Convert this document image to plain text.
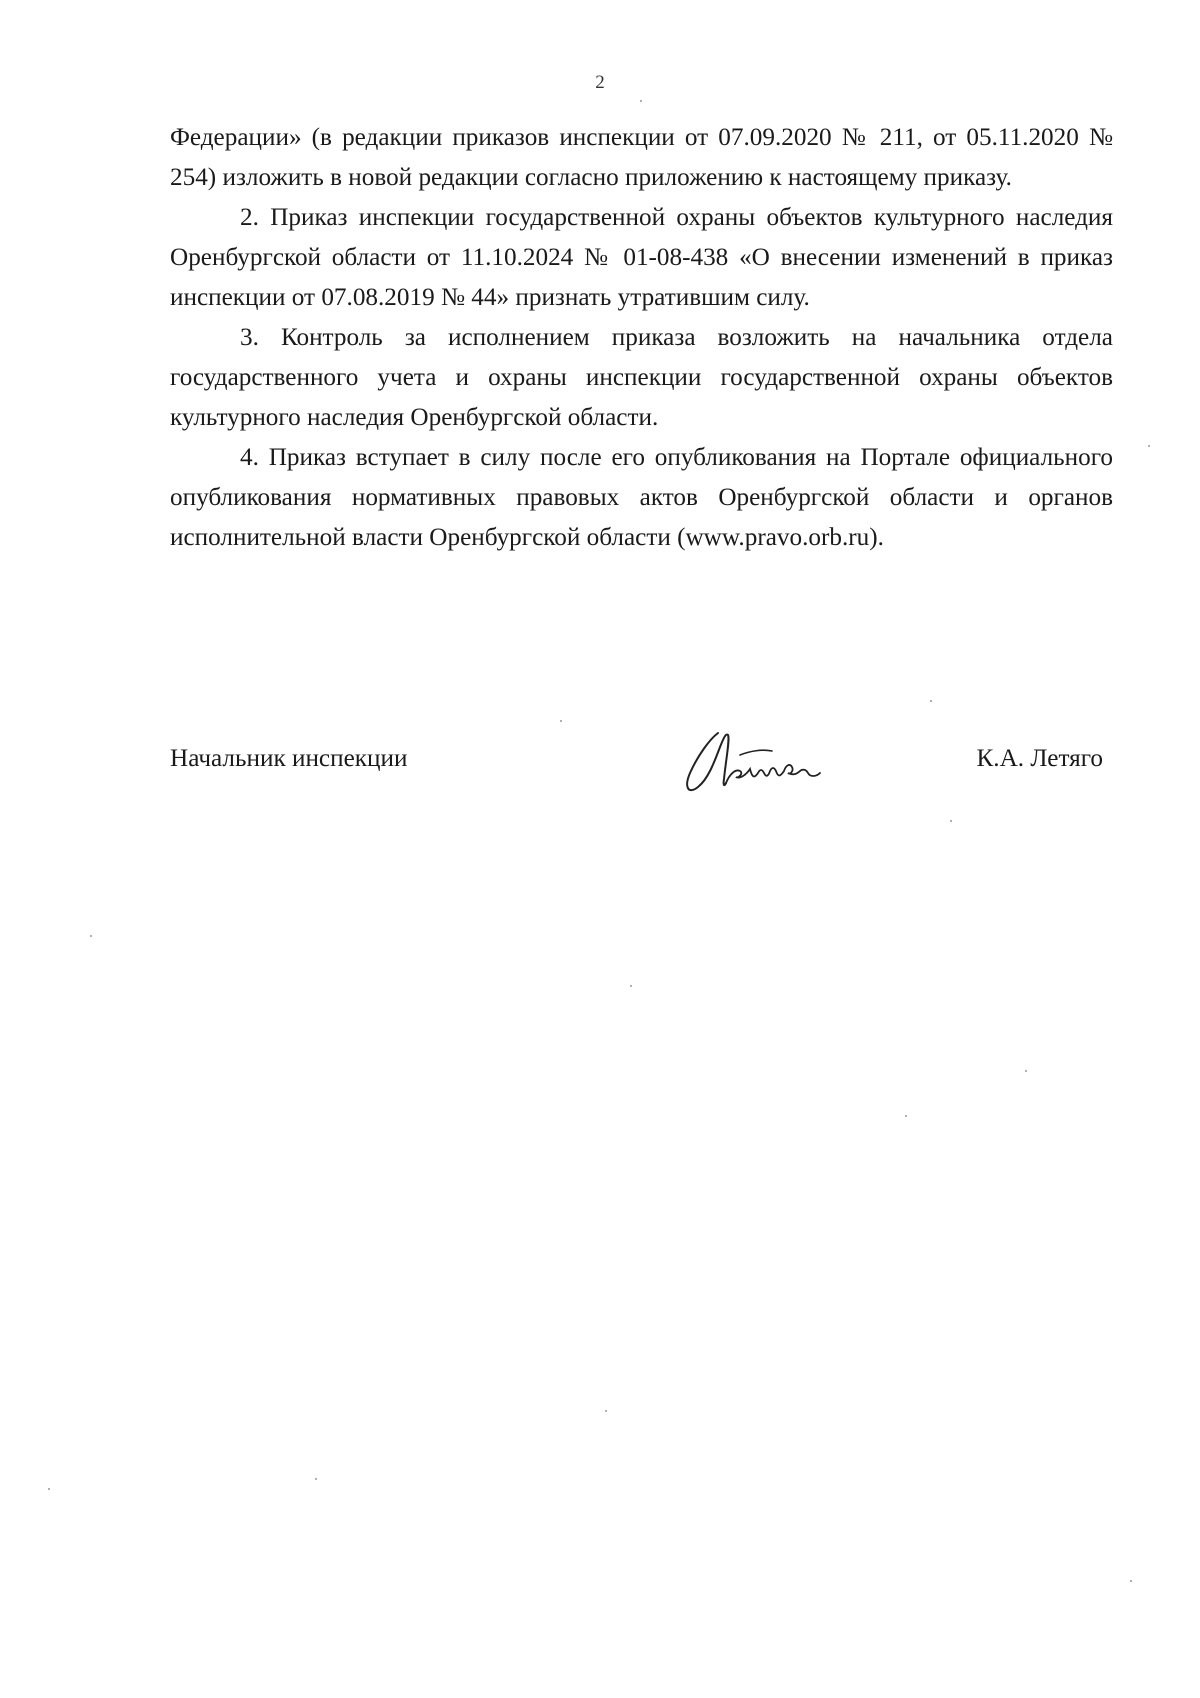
2

Федерации» (в редакции приказов инспекции от 07.09.2020 № 211, от 05.11.2020 № 254) изложить в новой редакции согласно приложению к настоящему приказу.

2. Приказ инспекции государственной охраны объектов культурного наследия Оренбургской области от 11.10.2024 № 01-08-438 «О внесении изменений в приказ инспекции от 07.08.2019 № 44» признать утратившим силу.

3. Контроль за исполнением приказа возложить на начальника отдела государственного учета и охраны инспекции государственной охраны объектов культурного наследия Оренбургской области.

4. Приказ вступает в силу после его опубликования на Портале официального опубликования нормативных правовых актов Оренбургской области и органов исполнительной власти Оренбургской области (www.pravo.orb.ru).

Начальник инспекции	К.А. Летяго
